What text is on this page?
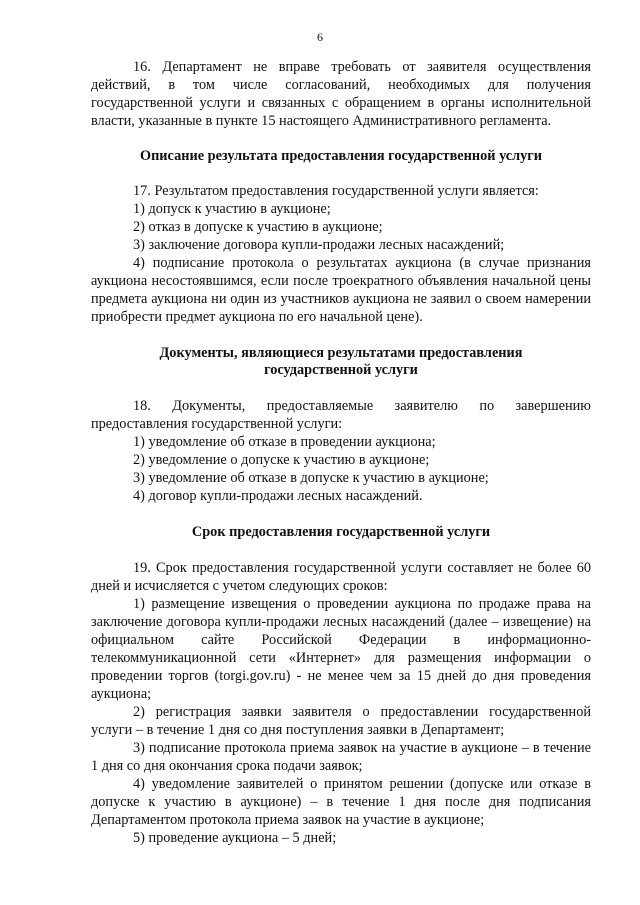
6

16. Департамент не вправе требовать от заявителя осуществления действий, в том числе согласований, необходимых для получения государственной услуги и связанных с обращением в органы исполнительной власти, указанные в пункте 15 настоящего Административного регламента.

Описание результата предоставления государственной услуги

17. Результатом предоставления государственной услуги является:

1) допуск к участию в аукционе;

2) отказ в допуске к участию в аукционе;

3) заключение договора купли-продажи лесных насаждений;

4) подписание протокола о результатах аукциона (в случае признания аукциона несостоявшимся, если после троекратного объявления начальной цены предмета аукциона ни один из участников аукциона не заявил о своем намерении приобрести предмет аукциона по его начальной цене).

Документы, являющиеся результатами предоставления

государственной услуги

18. Документы, предоставляемые заявителю по завершению предоставления государственной услуги:

1) уведомление об отказе в проведении аукциона;

2) уведомление о допуске к участию в аукционе;

3) уведомление об отказе в допуске к участию в аукционе;

4) договор купли-продажи лесных насаждений.

Срок предоставления государственной услуги

19. Срок предоставления государственной услуги составляет не более 60 дней и исчисляется с учетом следующих сроков:

1) размещение извещения о проведении аукциона по продаже права на заключение договора купли-продажи лесных насаждений (далее – извещение) на официальном сайте Российской Федерации в информационно-телекоммуникационной сети «Интернет» для размещения информации о проведении торгов (torgi.gov.ru) - не менее чем за 15 дней до дня проведения аукциона;

2) регистрация заявки заявителя о предоставлении государственной услуги – в течение 1 дня со дня поступления заявки в Департамент;

3) подписание протокола приема заявок на участие в аукционе – в течение 1 дня со дня окончания срока подачи заявок;

4) уведомление заявителей о принятом решении (допуске или отказе в допуске к участию в аукционе) – в течение 1 дня после дня подписания Департаментом протокола приема заявок на участие в аукционе;

5) проведение аукциона – 5 дней;
